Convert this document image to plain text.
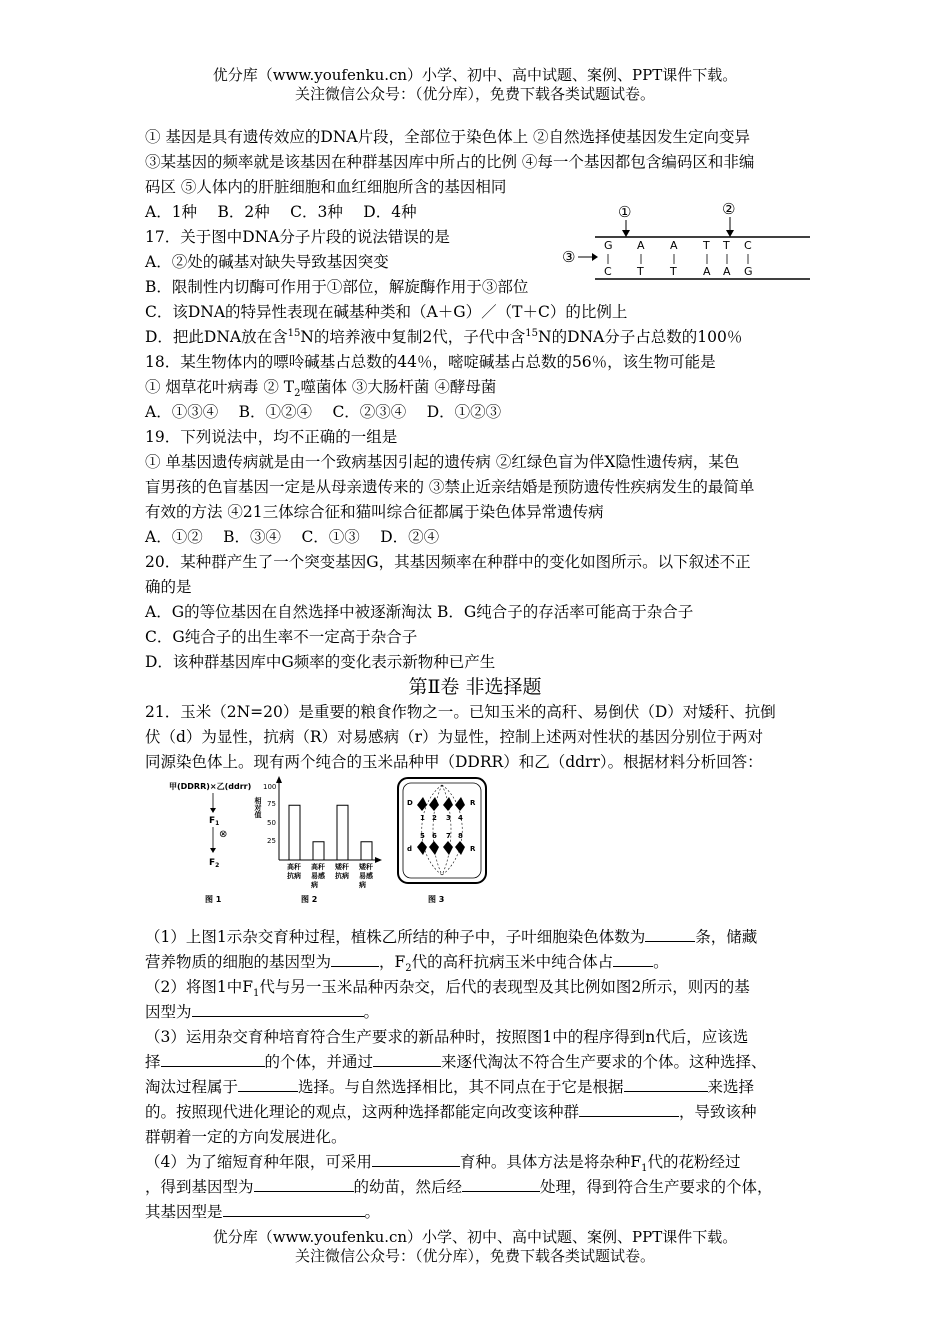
优分库（www.youfenku.cn）小学、初中、高中试题、案例、PPT课件下载。
关注微信公众号：（优分库），免费下载各类试题试卷。
① 基因是具有遗传效应的DNA片段，全部位于染色体上 ②自然选择使基因发生定向变异
③某基因的频率就是该基因在种群基因库中所占的比例 ④每一个基因都包含编码区和非编
码区 ⑤人体内的肝脏细胞和血红细胞所含的基因相同
A．1种　 B．2种　 C．3种　 D．4种
17．关于图中DNA分子片段的说法错误的是
A．②处的碱基对缺失导致基因突变
B．限制性内切酶可作用于①部位，解旋酶作用于③部位
C．该DNA的特异性表现在碱基种类和（A＋G）／（T＋C）的比例上
D．把此DNA放在含$^{15}$N的培养液中复制2代，子代中含$^{15}$N的DNA分子占总数的100％
①	②
③
G A A T T C
C T T A A G
18．某生物体内的嘌呤碱基占总数的44％，嘧啶碱基占总数的56％，该生物可能是
① 烟草花叶病毒 ② $T_2$噬菌体 ③大肠杆菌 ④酵母菌
A．①③④　 B．①②④　 C．②③④　 D．①②③
19．下列说法中，均不正确的一组是
① 单基因遗传病就是由一个致病基因引起的遗传病 ②红绿色盲为伴X隐性遗传病，某色
盲男孩的色盲基因一定是从母亲遗传来的 ③禁止近亲结婚是预防遗传性疾病发生的最简单
有效的方法 ④21三体综合征和猫叫综合征都属于染色体异常遗传病
A．①②　 B．③④　 C．①③　 D．②④
20．某种群产生了一个突变基因G，其基因频率在种群中的变化如图所示。以下叙述不正
确的是
A．G的等位基因在自然选择中被逐渐淘汰 B．G纯合子的存活率可能高于杂合子
C．G纯合子的出生率不一定高于杂合子
D．该种群基因库中G频率的变化表示新物种已产生
第Ⅱ卷 非选择题
21．玉米（2N=20）是重要的粮食作物之一。已知玉米的高秆、易倒伏（D）对矮秆、抗倒
伏（d）为显性，抗病（R）对易感病（r）为显性，控制上述两对性状的基因分别位于两对
同源染色体上。现有两个纯合的玉米品种甲（DDRR）和乙（ddrr）。根据材料分析回答：
甲(DDRR)×乙(ddrr)
$F_1$
⊗
$F_2$
图 1
相对值
100
75
50
25
高秆抗病
高秆易感病
矮秆抗病
矮秆易感病
图 2
D	R
d	R
1 2 3 4
5 6 7 8
图 3
（1）上图1示杂交育种过程，植株乙所结的种子中，子叶细胞染色体数为	条，储藏
营养物质的细胞的基因型为	，$F_2$代的高秆抗病玉米中纯合体占	。
（2）将图1中$F_1$代与另一玉米品种丙杂交，后代的表现型及其比例如图2所示，则丙的基
因型为	。
（3）运用杂交育种培育符合生产要求的新品种时，按照图1中的程序得到n代后，应该选
择	的个体，并通过	来逐代淘汰不符合生产要求的个体。这种选择、
淘汰过程属于	选择。与自然选择相比，其不同点在于它是根据	来选择
的。按照现代进化理论的观点，这两种选择都能定向改变该种群	，导致该种
群朝着一定的方向发展进化。
（4）为了缩短育种年限，可采用	育种。具体方法是将杂种$F_1$代的花粉经过
，得到基因型为	的幼苗，然后经	处理，得到符合生产要求的个体，
其基因型是	。
优分库（www.youfenku.cn）小学、初中、高中试题、案例、PPT课件下载。
关注微信公众号：（优分库），免费下载各类试题试卷。
